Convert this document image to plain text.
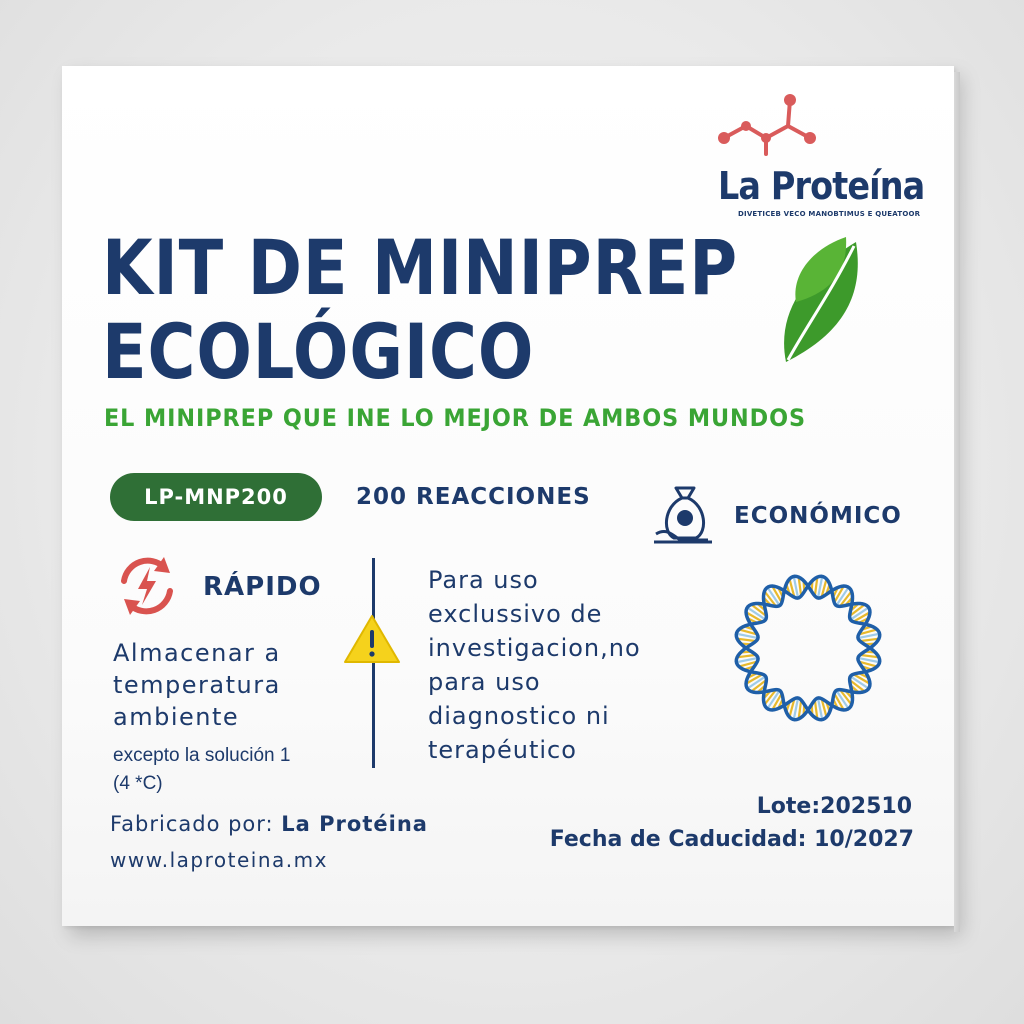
La Proteína
DIVETICEB VECO MANOBTIMUS E QUEATOOR
KIT DE MINIPREP
ECOLÓGICO
EL MINIPREP QUE INE LO MEJOR DE AMBOS MUNDOS
LP-MNP200	200 REACCIONES
ECONÓMICO
RÁPIDO
Almacenar a
temperatura
ambiente
excepto la solución 1
(4 *C)
Para uso
exclussivo de
investigacion,no
para uso
diagnostico ni
terapéutico
Fabricado por: La Protéina
www.laproteina.mx
Lote:202510
Fecha de Caducidad: 10/2027
